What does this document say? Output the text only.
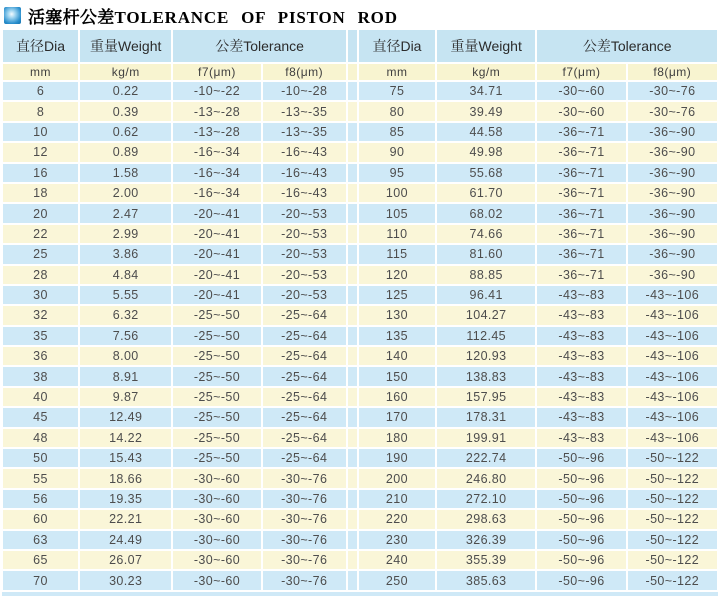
活塞杆公差TOLERANCE OF PISTON ROD
直径Dia	重量Weight	公差Tolerance			直径Dia	重量Weight	公差Tolerance	
mm	kg/m	f7(μm)	f8(μm)		mm	kg/m	f7(μm)	f8(μm)
6	0.22	-10~-22	-10~-28		75	34.71	-30~-60	-30~-76
8	0.39	-13~-28	-13~-35		80	39.49	-30~-60	-30~-76
10	0.62	-13~-28	-13~-35		85	44.58	-36~-71	-36~-90
12	0.89	-16~-34	-16~-43		90	49.98	-36~-71	-36~-90
16	1.58	-16~-34	-16~-43		95	55.68	-36~-71	-36~-90
18	2.00	-16~-34	-16~-43		100	61.70	-36~-71	-36~-90
20	2.47	-20~-41	-20~-53		105	68.02	-36~-71	-36~-90
22	2.99	-20~-41	-20~-53		110	74.66	-36~-71	-36~-90
25	3.86	-20~-41	-20~-53		115	81.60	-36~-71	-36~-90
28	4.84	-20~-41	-20~-53		120	88.85	-36~-71	-36~-90
30	5.55	-20~-41	-20~-53		125	96.41	-43~-83	-43~-106
32	6.32	-25~-50	-25~-64		130	104.27	-43~-83	-43~-106
35	7.56	-25~-50	-25~-64		135	112.45	-43~-83	-43~-106
36	8.00	-25~-50	-25~-64		140	120.93	-43~-83	-43~-106
38	8.91	-25~-50	-25~-64		150	138.83	-43~-83	-43~-106
40	9.87	-25~-50	-25~-64		160	157.95	-43~-83	-43~-106
45	12.49	-25~-50	-25~-64		170	178.31	-43~-83	-43~-106
48	14.22	-25~-50	-25~-64		180	199.91	-43~-83	-43~-106
50	15.43	-25~-50	-25~-64		190	222.74	-50~-96	-50~-122
55	18.66	-30~-60	-30~-76		200	246.80	-50~-96	-50~-122
56	19.35	-30~-60	-30~-76		210	272.10	-50~-96	-50~-122
60	22.21	-30~-60	-30~-76		220	298.63	-50~-96	-50~-122
63	24.49	-30~-60	-30~-76		230	326.39	-50~-96	-50~-122
65	26.07	-30~-60	-30~-76		240	355.39	-50~-96	-50~-122
70	30.23	-30~-60	-30~-76		250	385.63	-50~-96	-50~-122
